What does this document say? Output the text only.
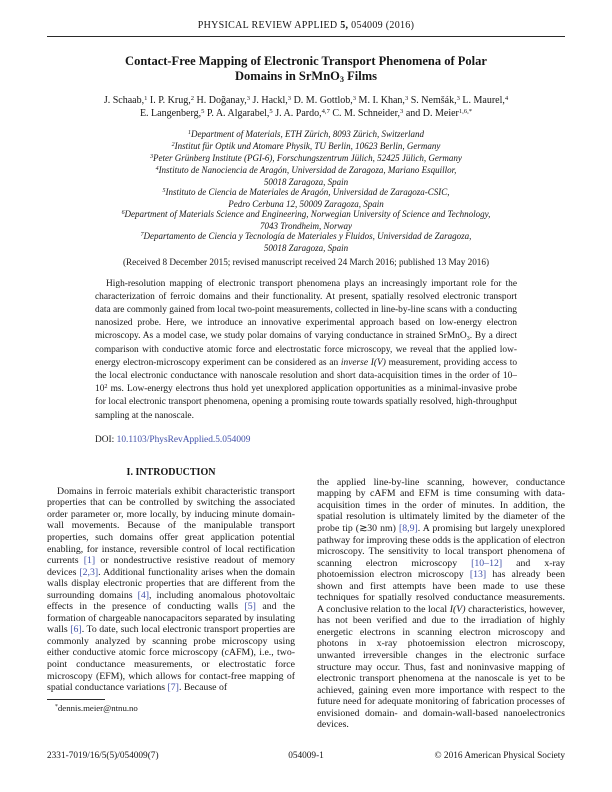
PHYSICAL REVIEW APPLIED 5, 054009 (2016)
Contact-Free Mapping of Electronic Transport Phenomena of Polar
Domains in SrMnO3 Films
J. Schaab,$^1$ I. P. Krug,$^2$ H. Doğanay,$^3$ J. Hackl,$^3$ D. M. Gottlob,$^3$ M. I. Khan,$^3$ S. Nemšák,$^3$ L. Maurel,$^4$
E. Langenberg,$^5$ P. A. Algarabel,$^5$ J. A. Pardo,$^{4,7}$ C. M. Schneider,$^3$ and D. Meier$^{1,6,*}$
$^1$Department of Materials, ETH Zürich, 8093 Zürich, Switzerland
$^2$Institut für Optik und Atomare Physik, TU Berlin, 10623 Berlin, Germany
$^3$Peter Grünberg Institute (PGI-6), Forschungszentrum Jülich, 52425 Jülich, Germany
$^4$Instituto de Nanociencia de Aragón, Universidad de Zaragoza, Mariano Esquillor,
50018 Zaragoza, Spain
$^5$Instituto de Ciencia de Materiales de Aragón, Universidad de Zaragoza-CSIC,
Pedro Cerbuna 12, 50009 Zaragoza, Spain
$^6$Department of Materials Science and Engineering, Norwegian University of Science and Technology,
7043 Trondheim, Norway
$^7$Departamento de Ciencia y Tecnología de Materiales y Fluidos, Universidad de Zaragoza,
50018 Zaragoza, Spain
(Received 8 December 2015; revised manuscript received 24 March 2016; published 13 May 2016)

High-resolution mapping of electronic transport phenomena plays an increasingly important role for the characterization of ferroic domains and their functionality. At present, spatially resolved electronic transport data are commonly gained from local two-point measurements, collected in line-by-line scans with a conducting nanosized probe. Here, we introduce an innovative experimental approach based on low-energy electron microscopy. As a model case, we study polar domains of varying conductance in strained SrMnO3. By a direct comparison with conductive atomic force and electrostatic force microscopy, we reveal that the applied low-energy electron-microscopy experiment can be considered as an inverse I(V) measurement, providing access to the local electronic conductance with nanoscale resolution and short data-acquisition times in the order of $10-10^2$ ms. Low-energy electrons thus hold yet unexplored application opportunities as a minimal-invasive probe for local electronic transport phenomena, opening a promising route towards spatially resolved, high-throughput sampling at the nanoscale.

DOI: 10.1103/PhysRevApplied.5.054009
I. INTRODUCTION

Domains in ferroic materials exhibit characteristic transport properties that can be controlled by switching the associated order parameter or, more locally, by inducing minute domain-wall movements. Because of the manipulable transport properties, such domains offer great application potential enabling, for instance, reversible control of local rectification currents [1] or nondestructive resistive readout of memory devices [2,3]. Additional functionality arises when the domain walls display electronic properties that are different from the surrounding domains [4], including anomalous photovoltaic effects in the presence of conducting walls [5] and the formation of chargeable nanocapacitors separated by insulating walls [6]. To date, such local electronic transport properties are commonly analyzed by scanning probe microscopy using either conductive atomic force microscopy (cAFM), i.e., two-point conductance measurements, or electrostatic force microscopy (EFM), which allows for contact-free mapping of spatial conductance variations [7]. Because of

*dennis.meier@ntnu.no

the applied line-by-line scanning, however, conductance mapping by cAFM and EFM is time consuming with data-acquisition times in the order of minutes. In addition, the spatial resolution is ultimately limited by the diameter of the probe tip (≳30 nm) [8,9]. A promising but largely unexplored pathway for improving these odds is the application of electron microscopy. The sensitivity to local transport phenomena of scanning electron microscopy [10–12] and x-ray photoemission electron microscopy [13] has already been shown and first attempts have been made to use these techniques for spatially resolved conductance measurements. A conclusive relation to the local I(V) characteristics, however, has not been verified and due to the irradiation of highly energetic electrons in scanning electron microscopy and photons in x-ray photoemission electron microscopy, unwanted irreversible changes in the electronic surface structure may occur. Thus, fast and noninvasive mapping of electronic transport phenomena at the nanoscale is yet to be achieved, gaining even more importance with respect to the future need for adequate monitoring of fabrication processes of envisioned domain- and domain-wall-based nanoelectronics devices.

2331-7019/16/5(5)/054009(7)	054009-1	© 2016 American Physical Society
